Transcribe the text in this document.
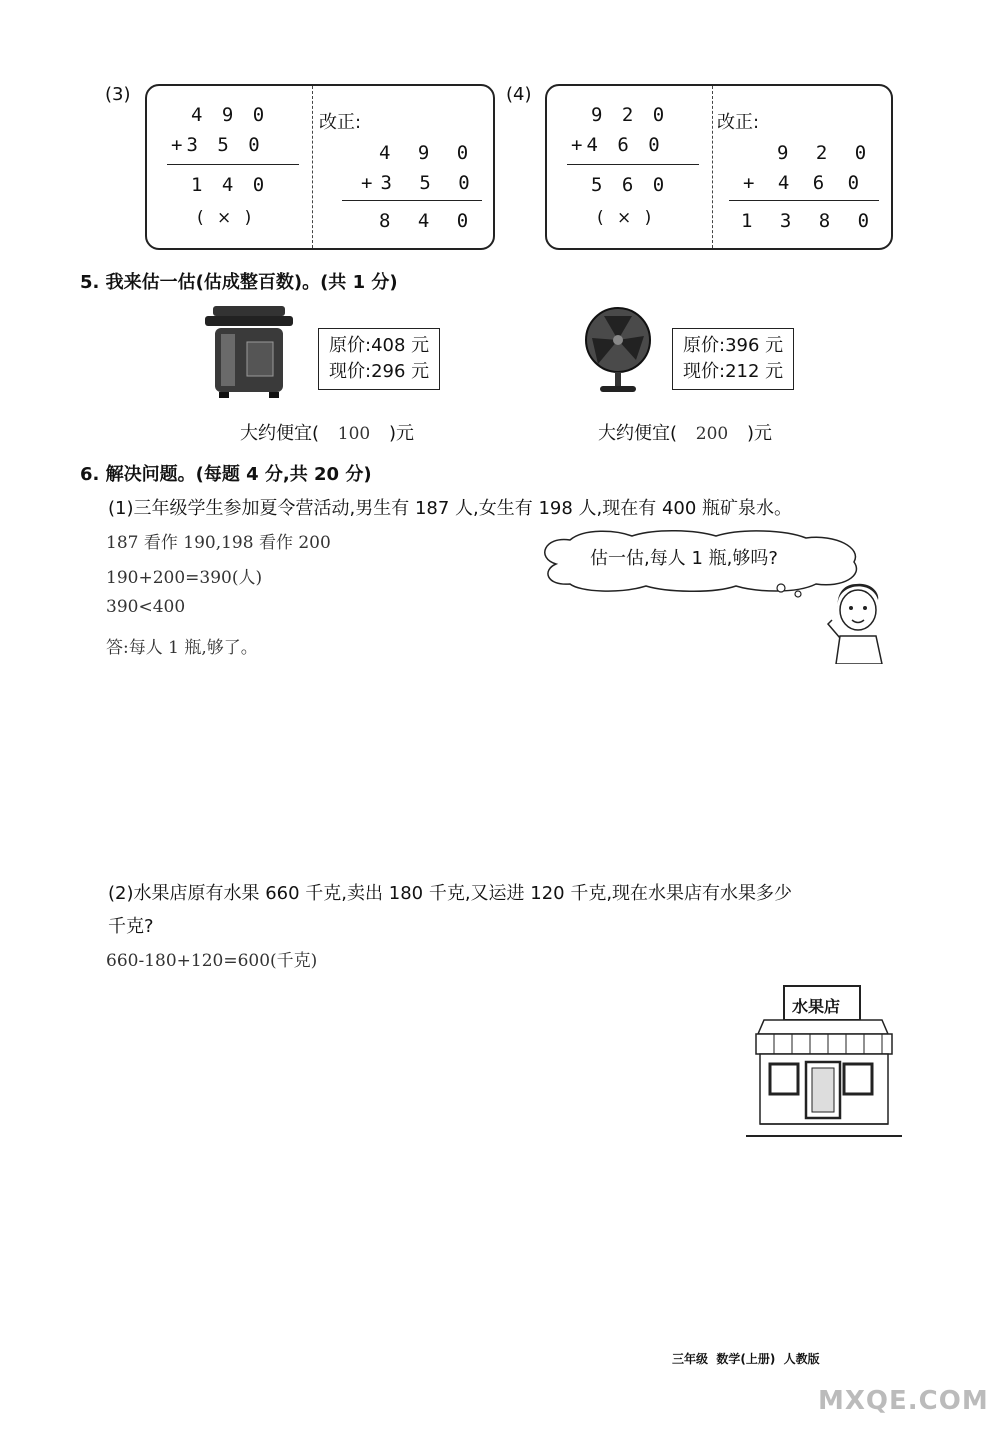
(3)
4 9 0
+3 5 0
1 4 0
( × )
改正:
4 9 0
+3 5 0
8 4 0
(4)
9 2 0
+4 6 0
5 6 0
( × )
改正:
9 2 0
+ 4 6 0
1 3 8 0
5. 我来估一估(估成整百数)。(共 1 分)
原价:408 元
现价:296 元
大约便宜( 100 )元
原价:396 元
现价:212 元
大约便宜( 200 )元
6. 解决问题。(每题 4 分,共 20 分)
(1)三年级学生参加夏令营活动,男生有 187 人,女生有 198 人,现在有 400 瓶矿泉水。
187 看作 190,198 看作 200
190+200=390(人)
390<400
答:每人 1 瓶,够了。
估一估,每人 1 瓶,够吗?
(2)水果店原有水果 660 千克,卖出 180 千克,又运进 120 千克,现在水果店有水果多少
千克?
660-180+120=600(千克)
水果店
三年级  数学(上册)  人教版
MXQE.COM
